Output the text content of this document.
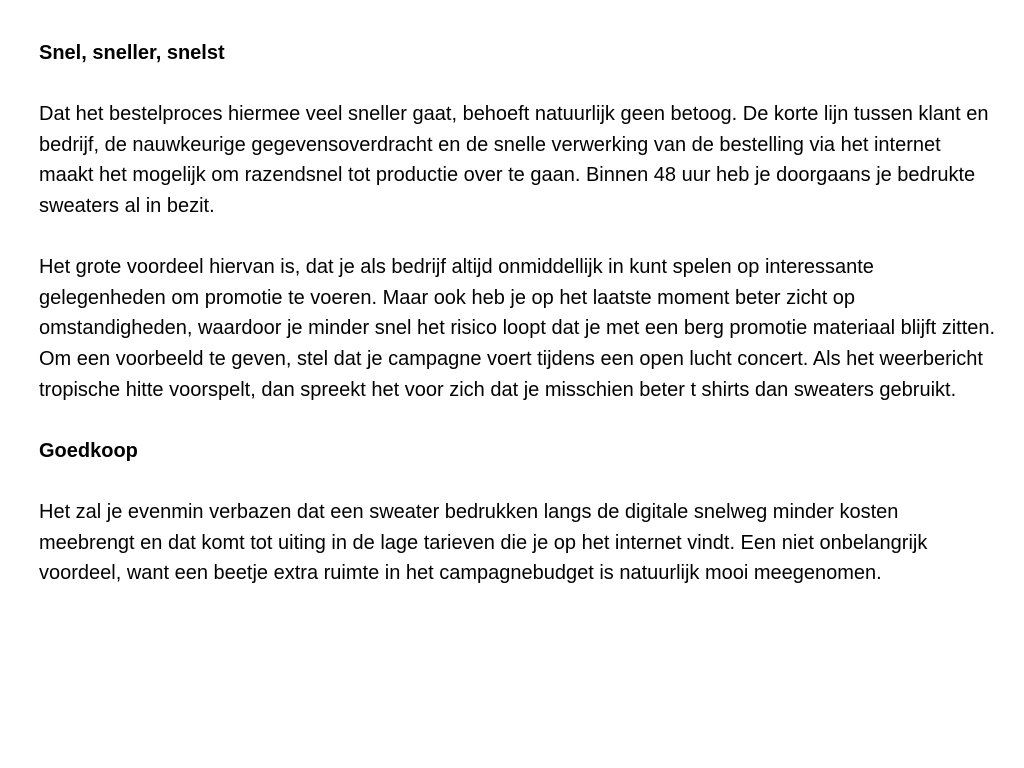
Snel, sneller, snelst

Dat het bestelproces hiermee veel sneller gaat, behoeft natuurlijk geen betoog. De korte lijn tussen klant en bedrijf, de nauwkeurige gegevensoverdracht en de snelle verwerking van de bestelling via het internet maakt het mogelijk om razendsnel tot productie over te gaan. Binnen 48 uur heb je doorgaans je bedrukte sweaters al in bezit.

Het grote voordeel hiervan is, dat je als bedrijf altijd onmiddellijk in kunt spelen op interessante gelegenheden om promotie te voeren. Maar ook heb je op het laatste moment beter zicht op omstandigheden, waardoor je minder snel het risico loopt dat je met een berg promotie materiaal blijft zitten. Om een voorbeeld te geven, stel dat je campagne voert tijdens een open lucht concert. Als het weerbericht tropische hitte voorspelt, dan spreekt het voor zich dat je misschien beter t shirts dan sweaters gebruikt.

Goedkoop

Het zal je evenmin verbazen dat een sweater bedrukken langs de digitale snelweg minder kosten meebrengt en dat komt tot uiting in de lage tarieven die je op het internet vindt. Een niet onbelangrijk voordeel, want een beetje extra ruimte in het campagnebudget is natuurlijk mooi meegenomen.
